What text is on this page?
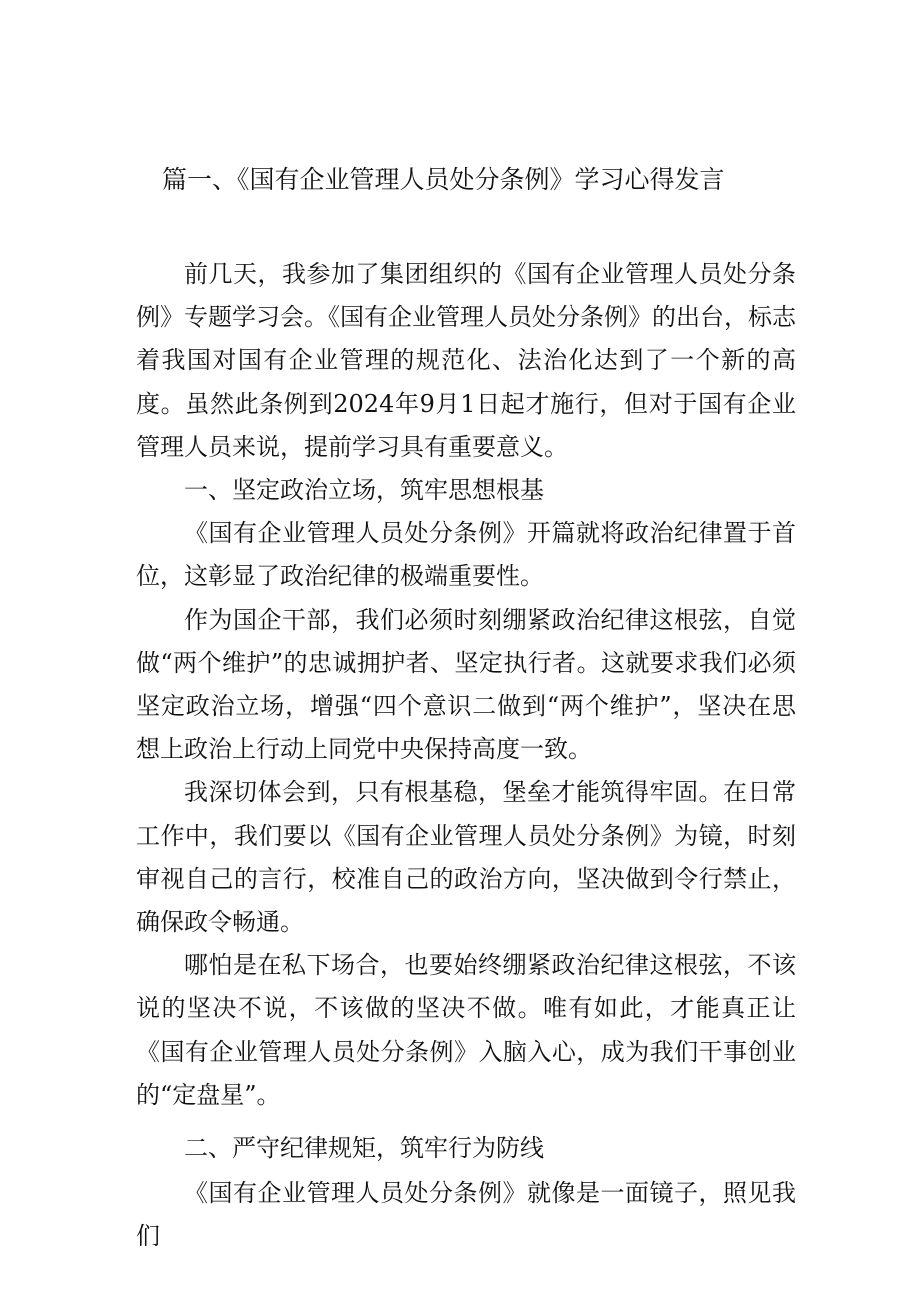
篇一、《国有企业管理人员处分条例》学习心得发言

前几天，我参加了集团组织的《国有企业管理人员处分条例》专题学习会。《国有企业管理人员处分条例》的出台，标志着我国对国有企业管理的规范化、法治化达到了一个新的高度。虽然此条例到2024年9月1日起才施行，但对于国有企业管理人员来说，提前学习具有重要意义。

一、坚定政治立场，筑牢思想根基

《国有企业管理人员处分条例》开篇就将政治纪律置于首位，这彰显了政治纪律的极端重要性。

作为国企干部，我们必须时刻绷紧政治纪律这根弦，自觉做“两个维护”的忠诚拥护者、坚定执行者。这就要求我们必须坚定政治立场，增强“四个意识二做到“两个维护”，坚决在思想上政治上行动上同党中央保持高度一致。

我深切体会到，只有根基稳，堡垒才能筑得牢固。在日常工作中，我们要以《国有企业管理人员处分条例》为镜，时刻审视自己的言行，校准自己的政治方向，坚决做到令行禁止，确保政令畅通。

哪怕是在私下场合，也要始终绷紧政治纪律这根弦，不该说的坚决不说，不该做的坚决不做。唯有如此，才能真正让《国有企业管理人员处分条例》入脑入心，成为我们干事创业的“定盘星”。

二、严守纪律规矩，筑牢行为防线

《国有企业管理人员处分条例》就像是一面镜子，照见我们
